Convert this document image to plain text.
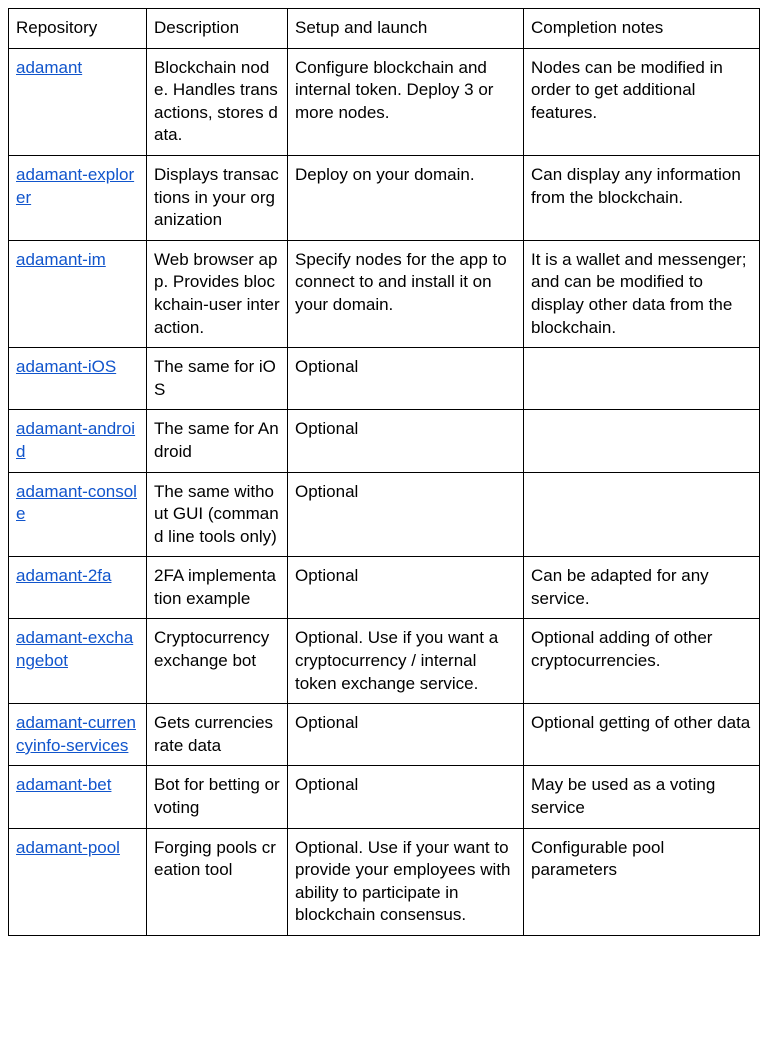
Repository	Description	Setup and launch	Completion notes
adamant	Blockchain node. Handles transactions, stores data.	Configure blockchain and internal token. Deploy 3 or more nodes.	Nodes can be modified in order to get additional features.
adamant-explorer	Displays transactions in your organization	Deploy on your domain.	Can display any information from the blockchain.
adamant-im	Web browser app. Provides blockchain-user interaction.	Specify nodes for the app to connect to and install it on your domain.	It is a wallet and messenger; and can be modified to display other data from the blockchain.
adamant-iOS	The same for iOS	Optional	
adamant-android	The same for Android	Optional	
adamant-console	The same without GUI (command line tools only)	Optional	
adamant-2fa	2FA implementation example	Optional	Can be adapted for any service.
adamant-exchangebot	Cryptocurrency exchange bot	Optional. Use if you want a cryptocurrency / internal token exchange service.	Optional adding of other cryptocurrencies.
adamant-currencyinfo-services	Gets currencies rate data	Optional	Optional getting of other data
adamant-bet	Bot for betting or voting	Optional	May be used as a voting service
adamant-pool	Forging pools creation tool	Optional. Use if your want to provide your employees with ability to participate in blockchain consensus.	Configurable pool parameters
